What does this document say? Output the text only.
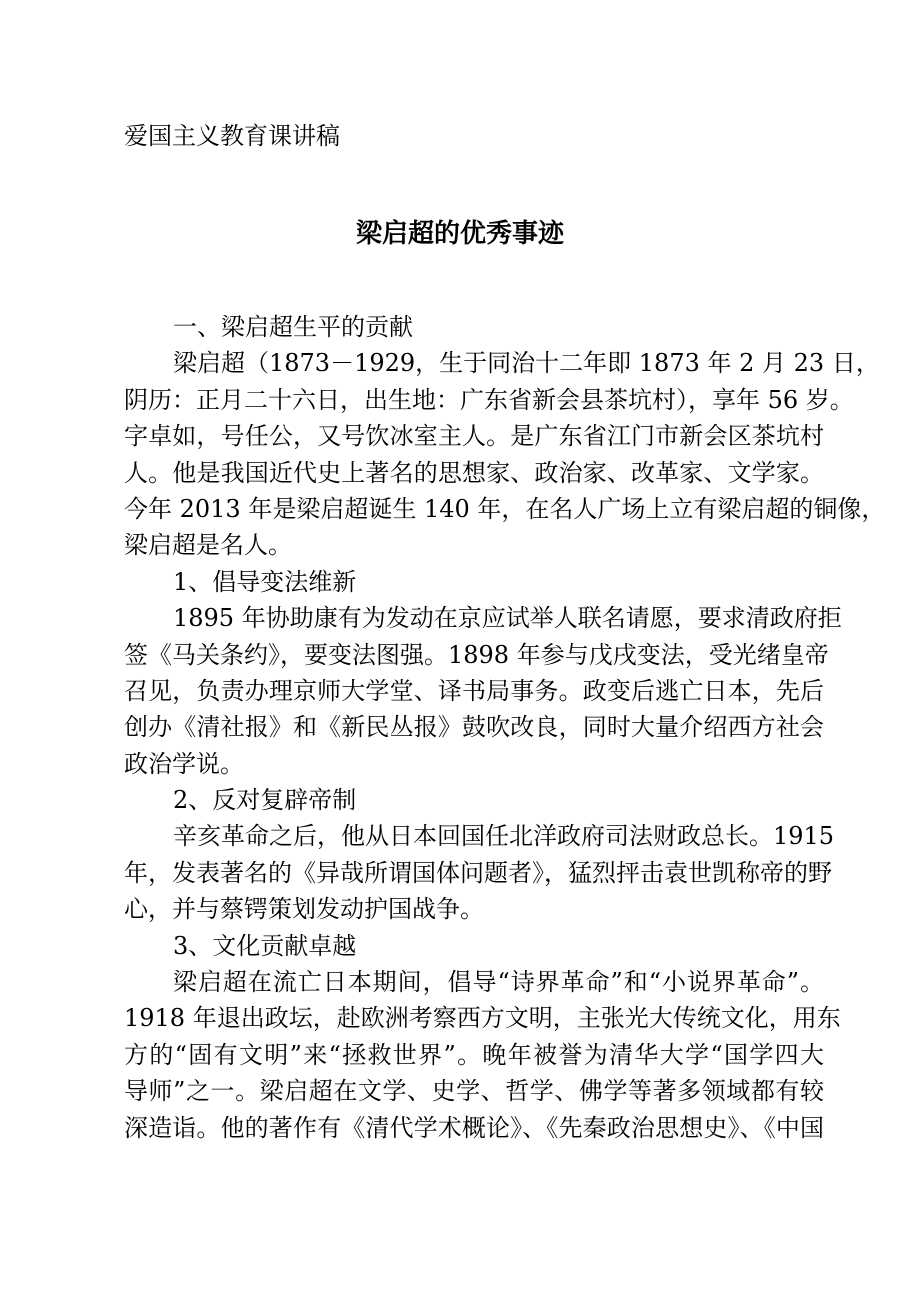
爱国主义教育课讲稿
梁启超的优秀事迹
一、梁启超生平的贡献
梁启超（1873－1929，生于同治十二年即 1873 年 2 月 23 日，
阴历：正月二十六日，出生地：广东省新会县茶坑村），享年 56 岁。
字卓如，号任公，又号饮冰室主人。是广东省江门市新会区茶坑村
人。他是我国近代史上著名的思想家、政治家、改革家、文学家。
今年 2013 年是梁启超诞生 140 年，在名人广场上立有梁启超的铜像，
梁启超是名人。
1、倡导变法维新
1895 年协助康有为发动在京应试举人联名请愿，要求清政府拒
签《马关条约》，要变法图强。1898 年参与戊戌变法，受光绪皇帝
召见，负责办理京师大学堂、译书局事务。政变后逃亡日本，先后
创办《清社报》和《新民丛报》鼓吹改良，同时大量介绍西方社会
政治学说。
2、反对复辟帝制
辛亥革命之后，他从日本回国任北洋政府司法财政总长。1915
年，发表著名的《异哉所谓国体问题者》，猛烈抨击袁世凯称帝的野
心，并与蔡锷策划发动护国战争。
3、文化贡献卓越
梁启超在流亡日本期间，倡导“诗界革命”和“小说界革命”。
1918 年退出政坛，赴欧洲考察西方文明，主张光大传统文化，用东
方的“固有文明”来“拯救世界”。晚年被誉为清华大学“国学四大
导师”之一。梁启超在文学、史学、哲学、佛学等著多领域都有较
深造诣。他的著作有《清代学术概论》、《先秦政治思想史》、《中国
